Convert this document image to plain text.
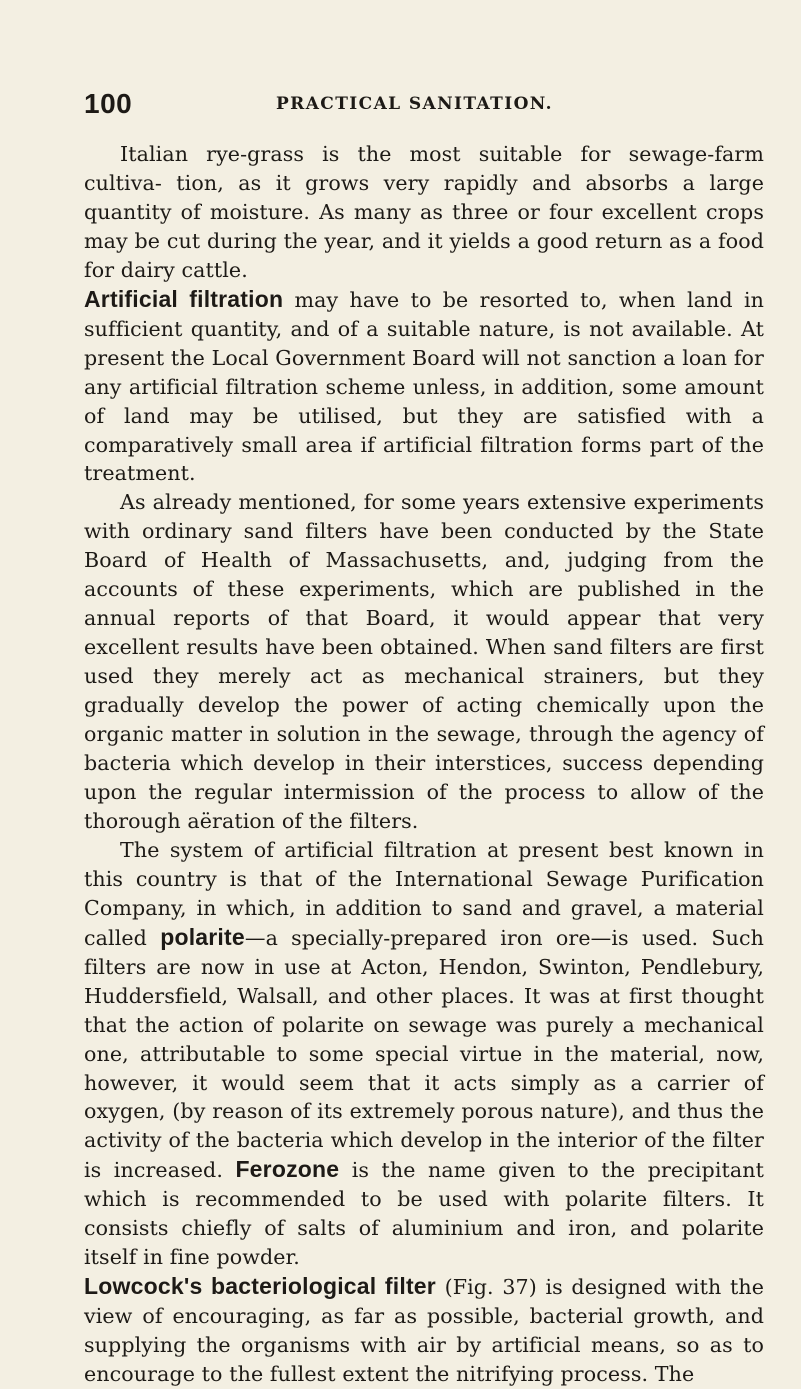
100	PRACTICAL SANITATION.

Italian rye-grass is the most suitable for sewage-farm cultiva- tion, as it grows very rapidly and absorbs a large quantity of moisture. As many as three or four excellent crops may be cut during the year, and it yields a good return as a food for dairy cattle.

Artificial filtration may have to be resorted to, when land in sufficient quantity, and of a suitable nature, is not available. At present the Local Government Board will not sanction a loan for any artificial filtration scheme unless, in addition, some amount of land may be utilised, but they are satisfied with a comparatively small area if artificial filtration forms part of the treatment.

As already mentioned, for some years extensive experiments with ordinary sand filters have been conducted by the State Board of Health of Massachusetts, and, judging from the accounts of these experiments, which are published in the annual reports of that Board, it would appear that very excellent results have been obtained. When sand filters are first used they merely act as mechanical strainers, but they gradually develop the power of acting chemically upon the organic matter in solution in the sewage, through the agency of bacteria which develop in their interstices, success depending upon the regular intermission of the process to allow of the thorough aëration of the filters.

The system of artificial filtration at present best known in this country is that of the International Sewage Purification Company, in which, in addition to sand and gravel, a material called polarite—a specially-prepared iron ore—is used. Such filters are now in use at Acton, Hendon, Swinton, Pendlebury, Huddersfield, Walsall, and other places. It was at first thought that the action of polarite on sewage was purely a mechanical one, attributable to some special virtue in the material, now, however, it would seem that it acts simply as a carrier of oxygen, (by reason of its extremely porous nature), and thus the activity of the bacteria which develop in the interior of the filter is increased. Ferozone is the name given to the precipitant which is recommended to be used with polarite filters. It consists chiefly of salts of aluminium and iron, and polarite itself in fine powder.

Lowcock's bacteriological filter (Fig. 37) is designed with the view of encouraging, as far as possible, bacterial growth, and supplying the organisms with air by artificial means, so as to encourage to the fullest extent the nitrifying process. The
